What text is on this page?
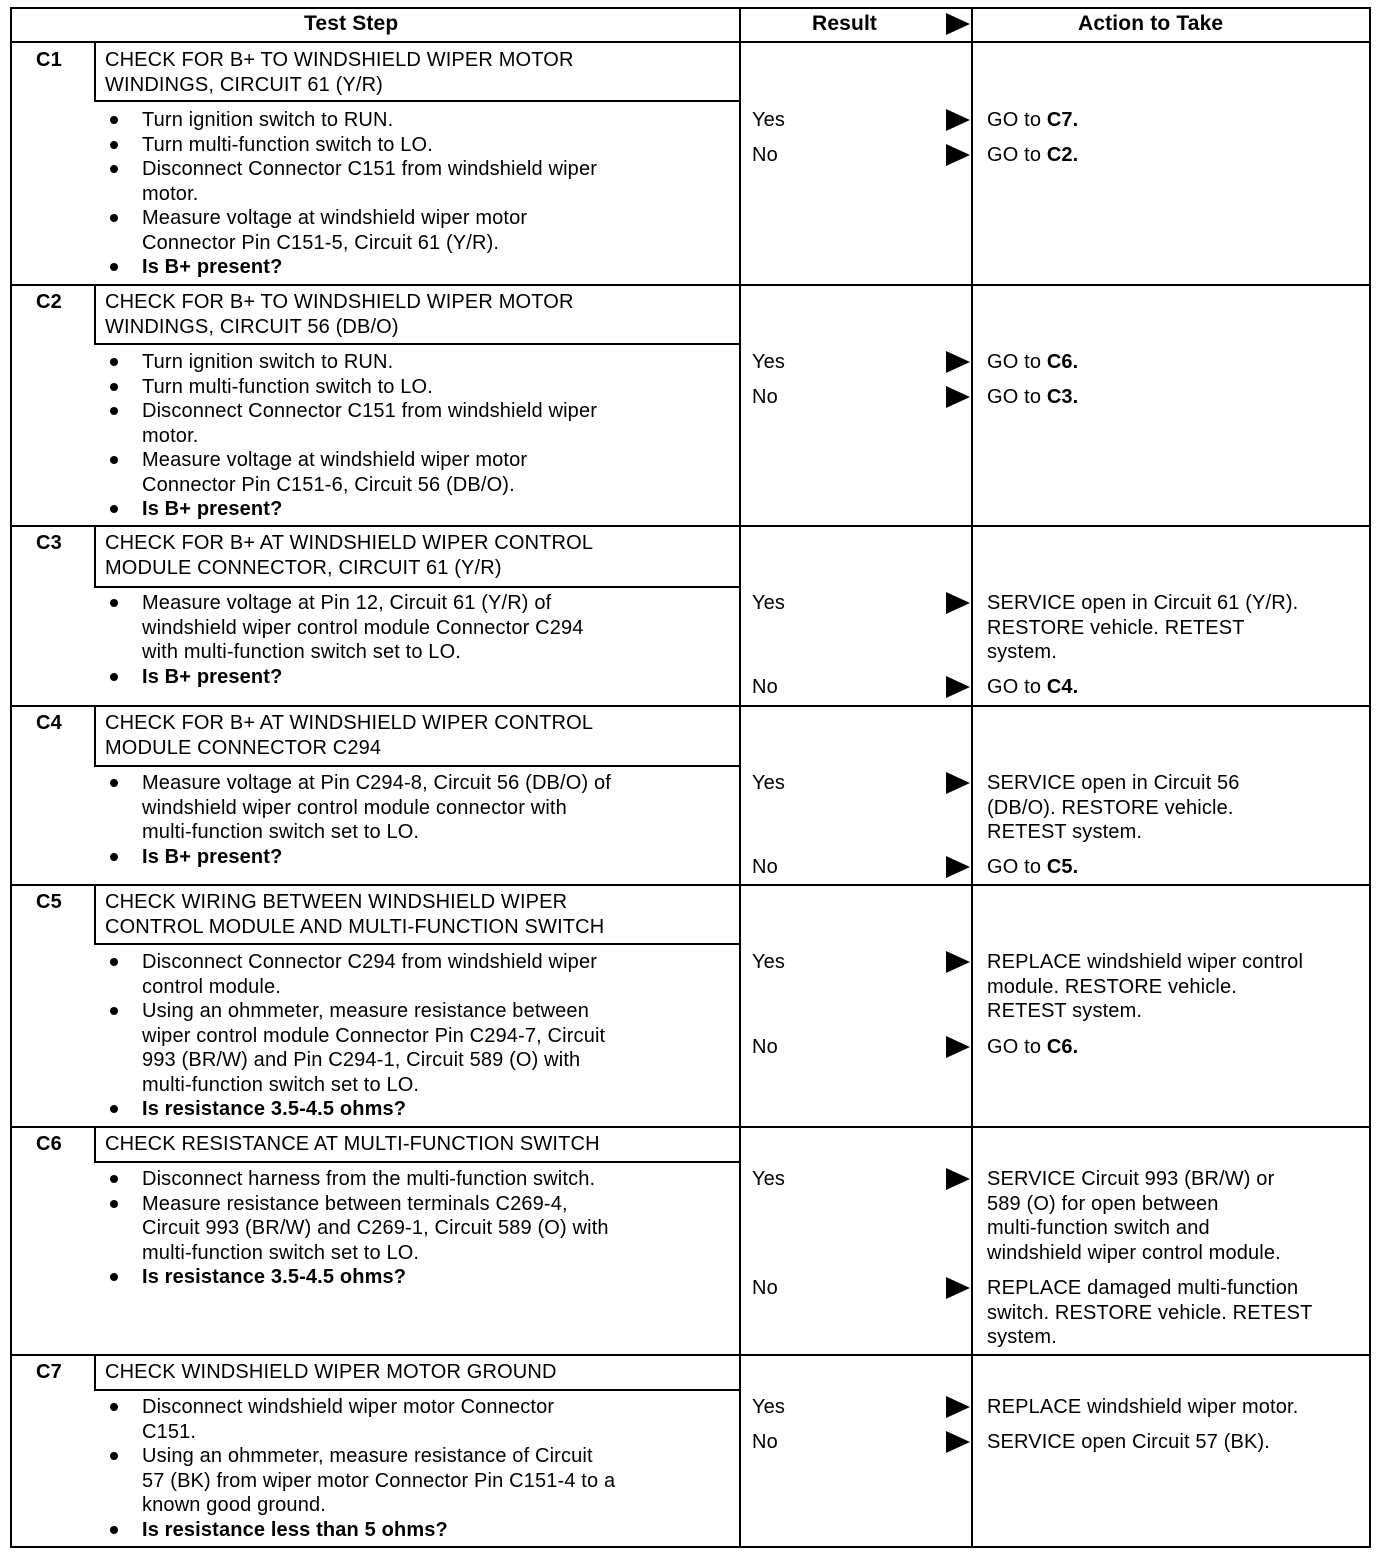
Test Step	Result	Action to Take
C1 CHECK FOR B+ TO WINDSHIELD WIPER MOTOR
WINDINGS, CIRCUIT 61 (Y/R)
Turn ignition switch to RUN.
Turn multi-function switch to LO.
Disconnect Connector C151 from windshield wiper
motor.
Measure voltage at windshield wiper motor
Connector Pin C151-5, Circuit 61 (Y/R).
Is B+ present?
Yes	GO to C7.
No	GO to C2.
C2 CHECK FOR B+ TO WINDSHIELD WIPER MOTOR
WINDINGS, CIRCUIT 56 (DB/O)
Turn ignition switch to RUN.
Turn multi-function switch to LO.
Disconnect Connector C151 from windshield wiper
motor.
Measure voltage at windshield wiper motor
Connector Pin C151-6, Circuit 56 (DB/O).
Is B+ present?
Yes	GO to C6.
No	GO to C3.
C3 CHECK FOR B+ AT WINDSHIELD WIPER CONTROL
MODULE CONNECTOR, CIRCUIT 61 (Y/R)
Measure voltage at Pin 12, Circuit 61 (Y/R) of
windshield wiper control module Connector C294
with multi-function switch set to LO.
Is B+ present?
Yes	SERVICE open in Circuit 61 (Y/R).
RESTORE vehicle. RETEST
system.
No	GO to C4.
C4 CHECK FOR B+ AT WINDSHIELD WIPER CONTROL
MODULE CONNECTOR C294
Measure voltage at Pin C294-8, Circuit 56 (DB/O) of
windshield wiper control module connector with
multi-function switch set to LO.
Is B+ present?
Yes	SERVICE open in Circuit 56
(DB/O). RESTORE vehicle.
RETEST system.
No	GO to C5.
C5 CHECK WIRING BETWEEN WINDSHIELD WIPER
CONTROL MODULE AND MULTI-FUNCTION SWITCH
Disconnect Connector C294 from windshield wiper
control module.
Using an ohmmeter, measure resistance between
wiper control module Connector Pin C294-7, Circuit
993 (BR/W) and Pin C294-1, Circuit 589 (O) with
multi-function switch set to LO.
Is resistance 3.5-4.5 ohms?
Yes	REPLACE windshield wiper control
module. RESTORE vehicle.
RETEST system.
No	GO to C6.
C6 CHECK RESISTANCE AT MULTI-FUNCTION SWITCH
Disconnect harness from the multi-function switch.
Measure resistance between terminals C269-4,
Circuit 993 (BR/W) and C269-1, Circuit 589 (O) with
multi-function switch set to LO.
Is resistance 3.5-4.5 ohms?
Yes	SERVICE Circuit 993 (BR/W) or
589 (O) for open between
multi-function switch and
windshield wiper control module.
No	REPLACE damaged multi-function
switch. RESTORE vehicle. RETEST
system.
C7 CHECK WINDSHIELD WIPER MOTOR GROUND
Disconnect windshield wiper motor Connector
C151.
Using an ohmmeter, measure resistance of Circuit
57 (BK) from wiper motor Connector Pin C151-4 to a
known good ground.
Is resistance less than 5 ohms?
Yes	REPLACE windshield wiper motor.
No	SERVICE open Circuit 57 (BK).
